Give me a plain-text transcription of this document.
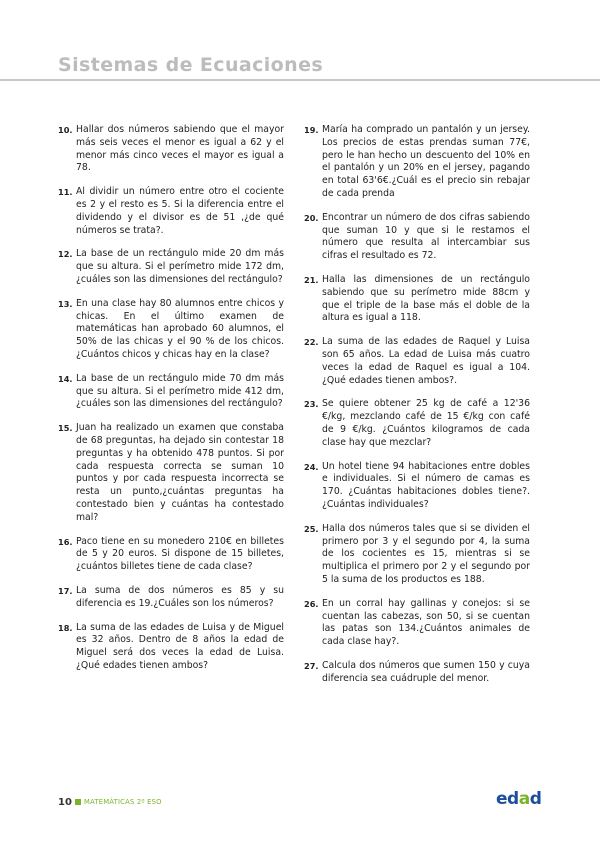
Sistemas de Ecuaciones
10. Hallar dos números sabiendo que el mayor más seis veces el menor es igual a 62 y el menor más cinco veces el mayor es igual a 78.
11. Al dividir un número entre otro el cociente es 2 y el resto es 5. Si la diferencia entre el dividendo y el divisor es de 51 ,¿de qué números se trata?.
12. La base de un rectángulo mide 20 dm más que su altura. Si el perímetro mide 172 dm, ¿cuáles son las dimensiones del rectángulo?
13. En una clase hay 80 alumnos entre chicos y chicas. En el último examen de matemáticas han aprobado 60 alumnos, el 50% de las chicas y el 90 % de los chicos.¿Cuántos chicos y chicas hay en la clase?
14. La base de un rectángulo mide 70 dm más que su altura. Si el perímetro mide 412 dm, ¿cuáles son las dimensiones del rectángulo?
15. Juan ha realizado un examen que constaba de 68 preguntas, ha dejado sin contestar 18 preguntas y ha obtenido 478 puntos. Si por cada respuesta correcta se suman 10 puntos y por cada respuesta incorrecta se resta un punto,¿cuántas preguntas ha contestado bien y cuántas ha contestado mal?
16. Paco tiene en su monedero 210€ en billetes de 5 y 20 euros. Si dispone de 15 billetes,¿cuántos billetes tiene de cada clase?
17. La suma de dos números es 85 y su diferencia es 19.¿Cuáles son los números?
18. La suma de las edades de Luisa y de Miguel es 32 años. Dentro de 8 años la edad de Miguel será dos veces la edad de Luisa. ¿Qué edades tienen ambos?
19. María ha comprado un pantalón y un jersey. Los precios de estas prendas suman 77€, pero le han hecho un descuento del 10% en el pantalón y un 20% en el jersey, pagando en total 63'6€.¿Cuál es el precio sin rebajar de cada prenda
20. Encontrar un número de dos cifras sabiendo que suman 10 y que si le restamos el número que resulta al intercambiar sus cifras el resultado es 72.
21. Halla las dimensiones de un rectángulo sabiendo que su perímetro mide 88cm y que el triple de la base más el doble de la altura es igual a 118.
22. La suma de las edades de Raquel y Luisa son 65 años. La edad de Luisa más cuatro veces la edad de Raquel es igual a 104. ¿Qué edades tienen ambos?.
23. Se quiere obtener 25 kg de café a 12'36 €/kg, mezclando café de 15 €/kg con café de 9 €/kg. ¿Cuántos kilogramos de cada clase hay que mezclar?
24. Un hotel tiene 94 habitaciones entre dobles e individuales. Si el número de camas es 170. ¿Cuántas habitaciones dobles tiene?.¿Cuántas individuales?
25. Halla dos números tales que si se dividen el primero por 3 y el segundo por 4, la suma de los cocientes es 15, mientras si se multiplica el primero por 2 y el segundo por 5 la suma de los productos es 188.
26. En un corral hay gallinas y conejos: si se cuentan las cabezas, son 50, si se cuentan las patas son 134.¿Cuántos animales de cada clase hay?.
27. Calcula dos números que sumen 150 y cuya diferencia sea cuádruple del menor.
10 MATEMÁTICAS 2º ESO	edad
